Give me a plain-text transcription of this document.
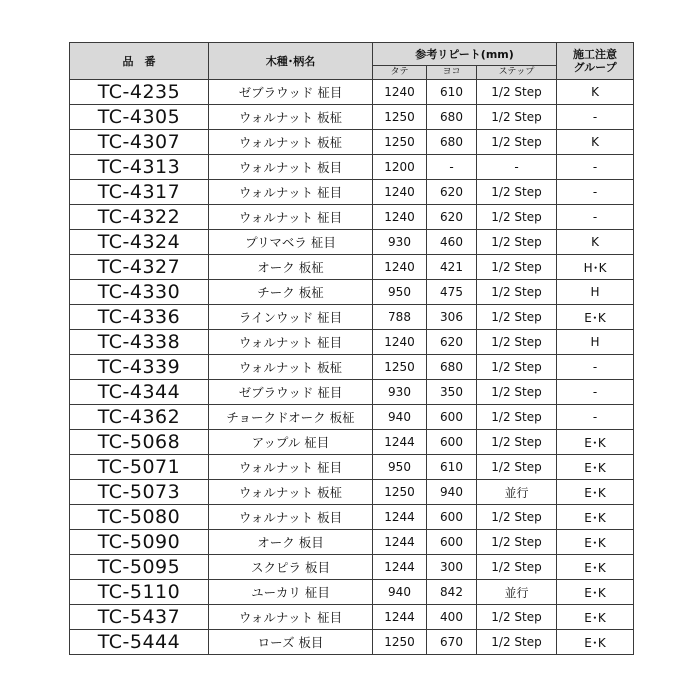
品　番	木種･柄名	参考リピート(mm)			施工注意
グループ
		タテ	ヨコ	ステップ	
TC-4235	ゼブラウッド 柾目	1240	610	1/2 Step	K
TC-4305	ウォルナット 板柾	1250	680	1/2 Step	-
TC-4307	ウォルナット 板柾	1250	680	1/2 Step	K
TC-4313	ウォルナット 板目	1200	-	-	-
TC-4317	ウォルナット 柾目	1240	620	1/2 Step	-
TC-4322	ウォルナット 柾目	1240	620	1/2 Step	-
TC-4324	プリマベラ 柾目	930	460	1/2 Step	K
TC-4327	オーク 板柾	1240	421	1/2 Step	H･K
TC-4330	チーク 板柾	950	475	1/2 Step	H
TC-4336	ラインウッド 柾目	788	306	1/2 Step	E･K
TC-4338	ウォルナット 柾目	1240	620	1/2 Step	H
TC-4339	ウォルナット 板柾	1250	680	1/2 Step	-
TC-4344	ゼブラウッド 柾目	930	350	1/2 Step	-
TC-4362	チョークドオーク 板柾	940	600	1/2 Step	-
TC-5068	アップル 柾目	1244	600	1/2 Step	E･K
TC-5071	ウォルナット 柾目	950	610	1/2 Step	E･K
TC-5073	ウォルナット 板柾	1250	940	並行	E･K
TC-5080	ウォルナット 板目	1244	600	1/2 Step	E･K
TC-5090	オーク 板目	1244	600	1/2 Step	E･K
TC-5095	スクピラ 板目	1244	300	1/2 Step	E･K
TC-5110	ユーカリ 柾目	940	842	並行	E･K
TC-5437	ウォルナット 柾目	1244	400	1/2 Step	E･K
TC-5444	ローズ 板目	1250	670	1/2 Step	E･K
